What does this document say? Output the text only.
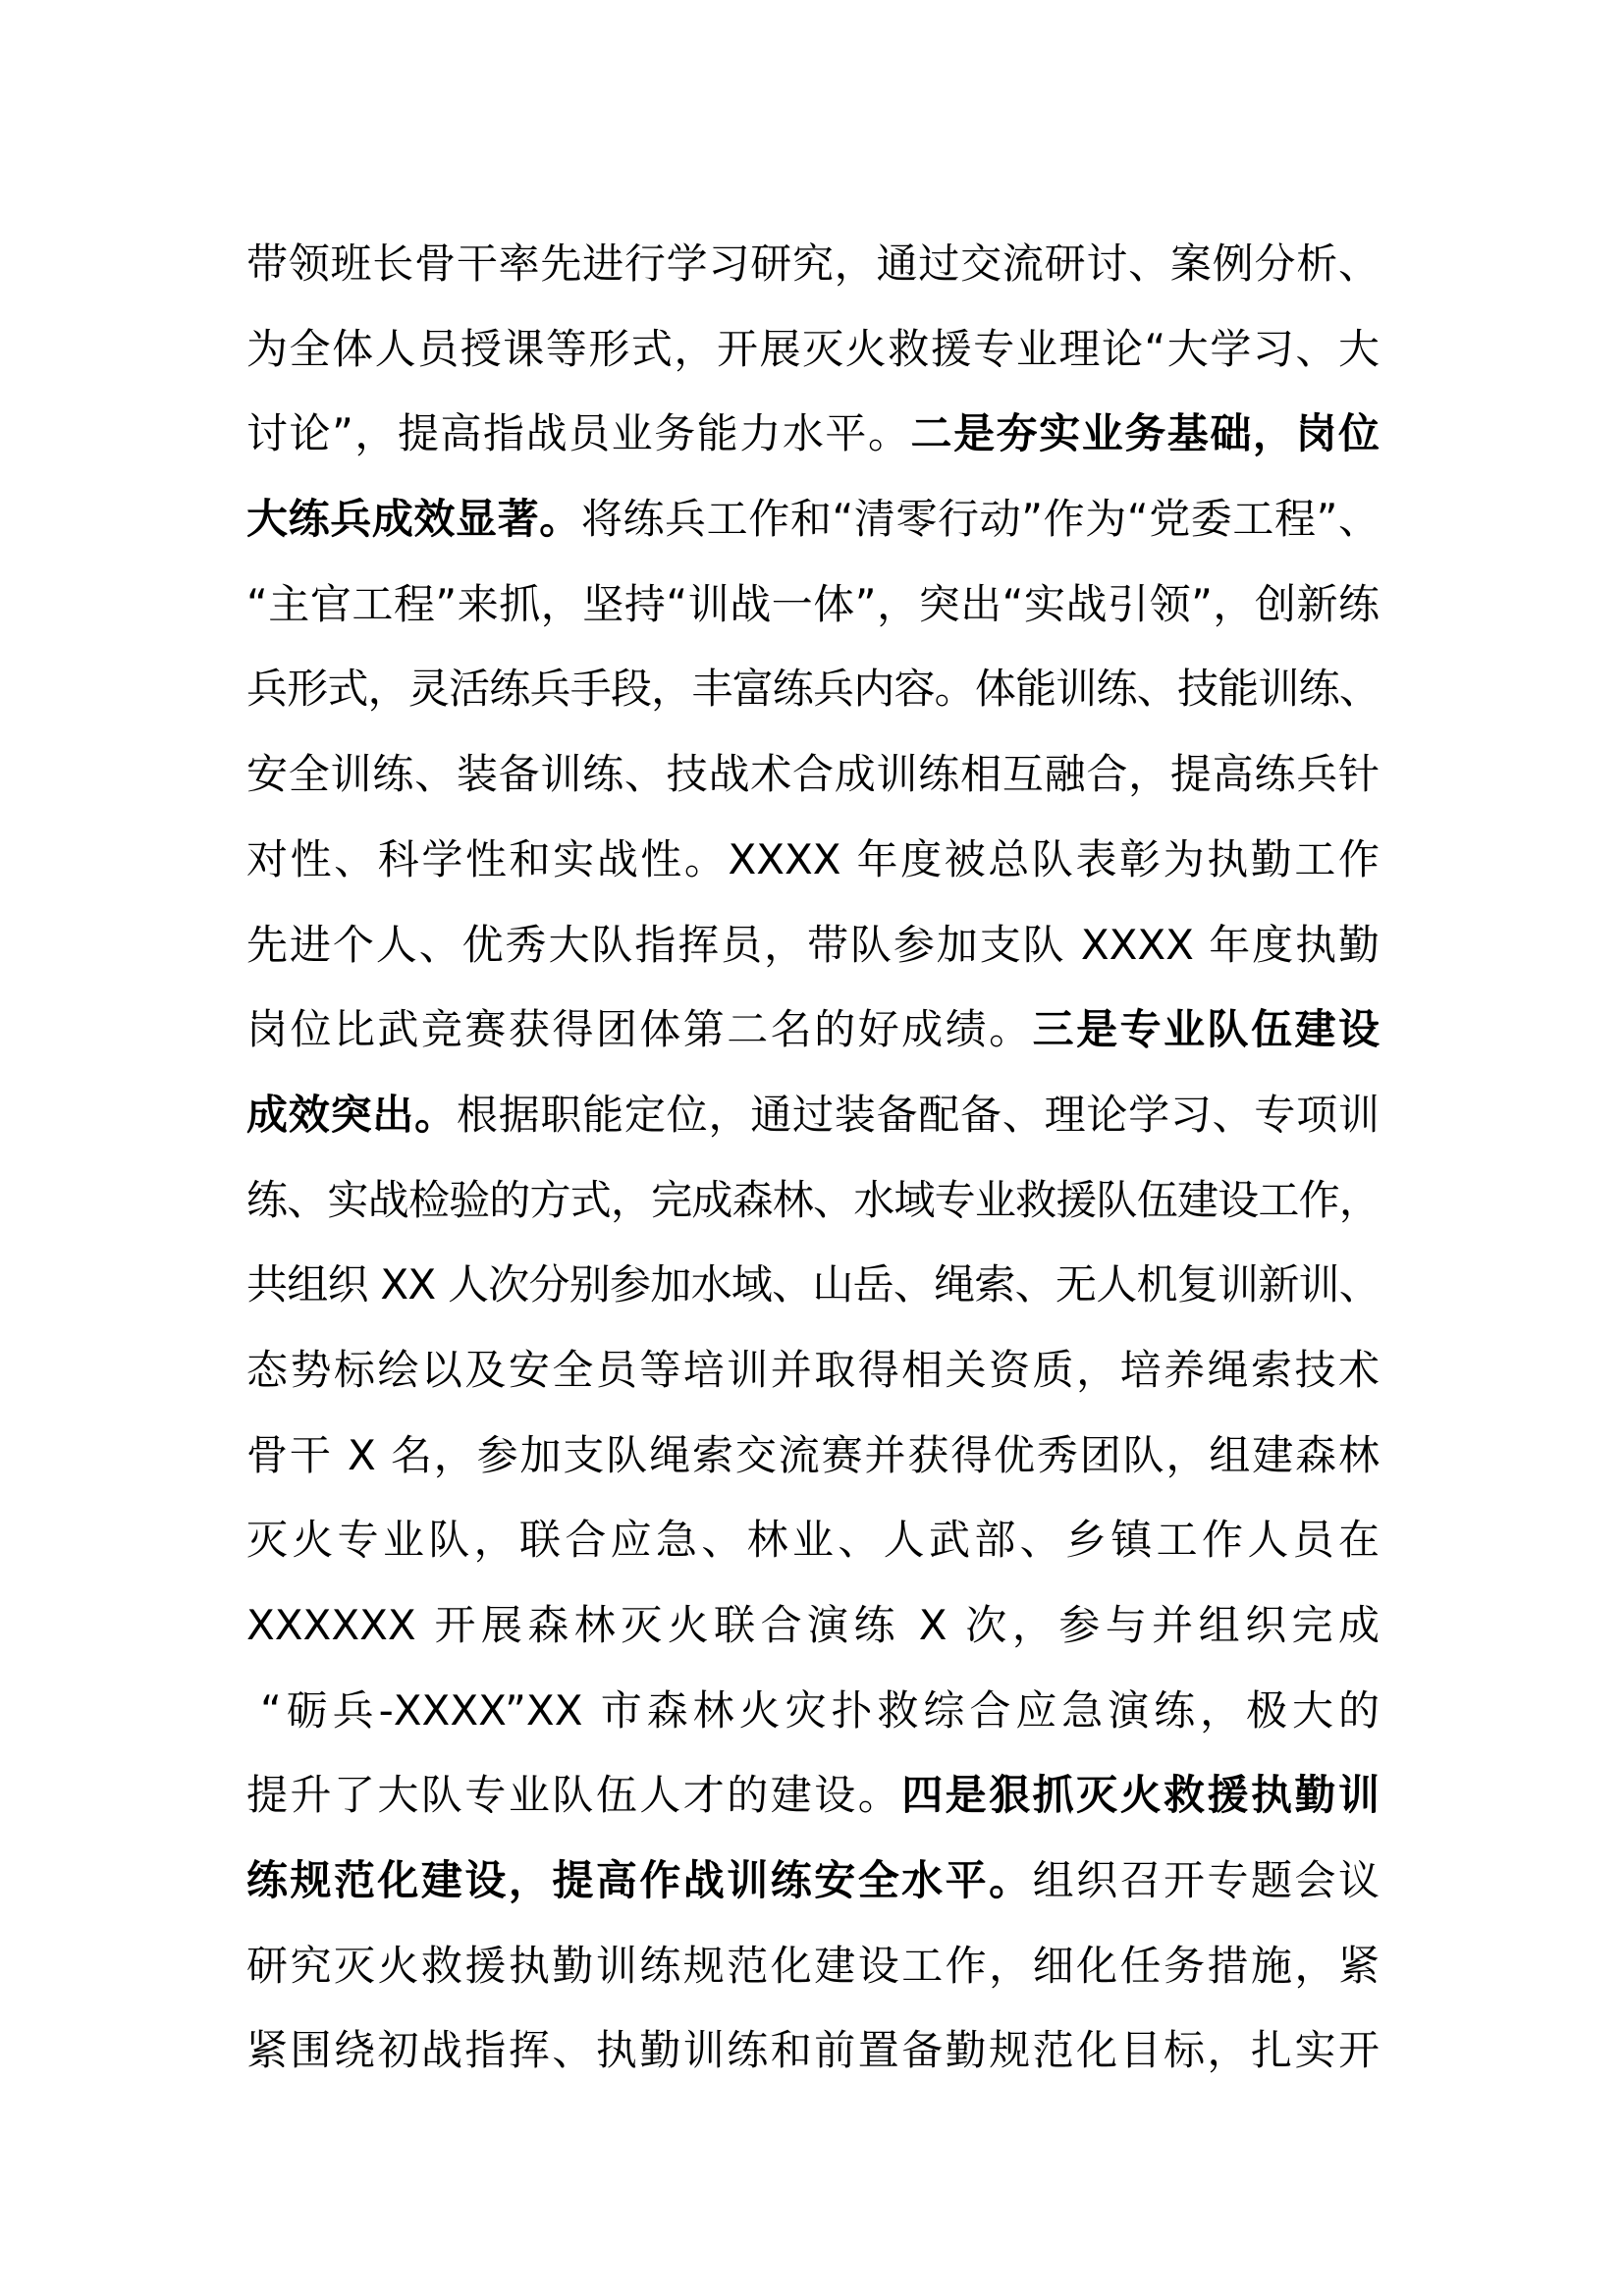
带领班长骨干率先进行学习研究，通过交流研讨、案例分析、
为全体人员授课等形式，开展灭火救援专业理论“大学习、大
讨论”，提高指战员业务能力水平。二是夯实业务基础，岗位
大练兵成效显著。将练兵工作和“清零行动”作为“党委工程”、
“主官工程”来抓，坚持“训战一体”，突出“实战引领”，创新练
兵形式，灵活练兵手段，丰富练兵内容。体能训练、技能训练、
安全训练、装备训练、技战术合成训练相互融合，提高练兵针
对性、科学性和实战性。XXXX 年度被总队表彰为执勤工作
先进个人、优秀大队指挥员，带队参加支队 XXXX 年度执勤
岗位比武竞赛获得团体第二名的好成绩。三是专业队伍建设
成效突出。根据职能定位，通过装备配备、理论学习、专项训
练、实战检验的方式，完成森林、水域专业救援队伍建设工作，
共组织 XX 人次分别参加水域、山岳、绳索、无人机复训新训、
态势标绘以及安全员等培训并取得相关资质，培养绳索技术
骨干 X 名，参加支队绳索交流赛并获得优秀团队，组建森林
灭火专业队，联合应急、林业、人武部、乡镇工作人员在
XXXXXX 开展森林灭火联合演练 X 次，参与并组织完成
“砺兵-XXXX”XX 市森林火灾扑救综合应急演练，极大的
提升了大队专业队伍人才的建设。四是狠抓灭火救援执勤训
练规范化建设，提高作战训练安全水平。组织召开专题会议
研究灭火救援执勤训练规范化建设工作，细化任务措施，紧
紧围绕初战指挥、执勤训练和前置备勤规范化目标，扎实开
